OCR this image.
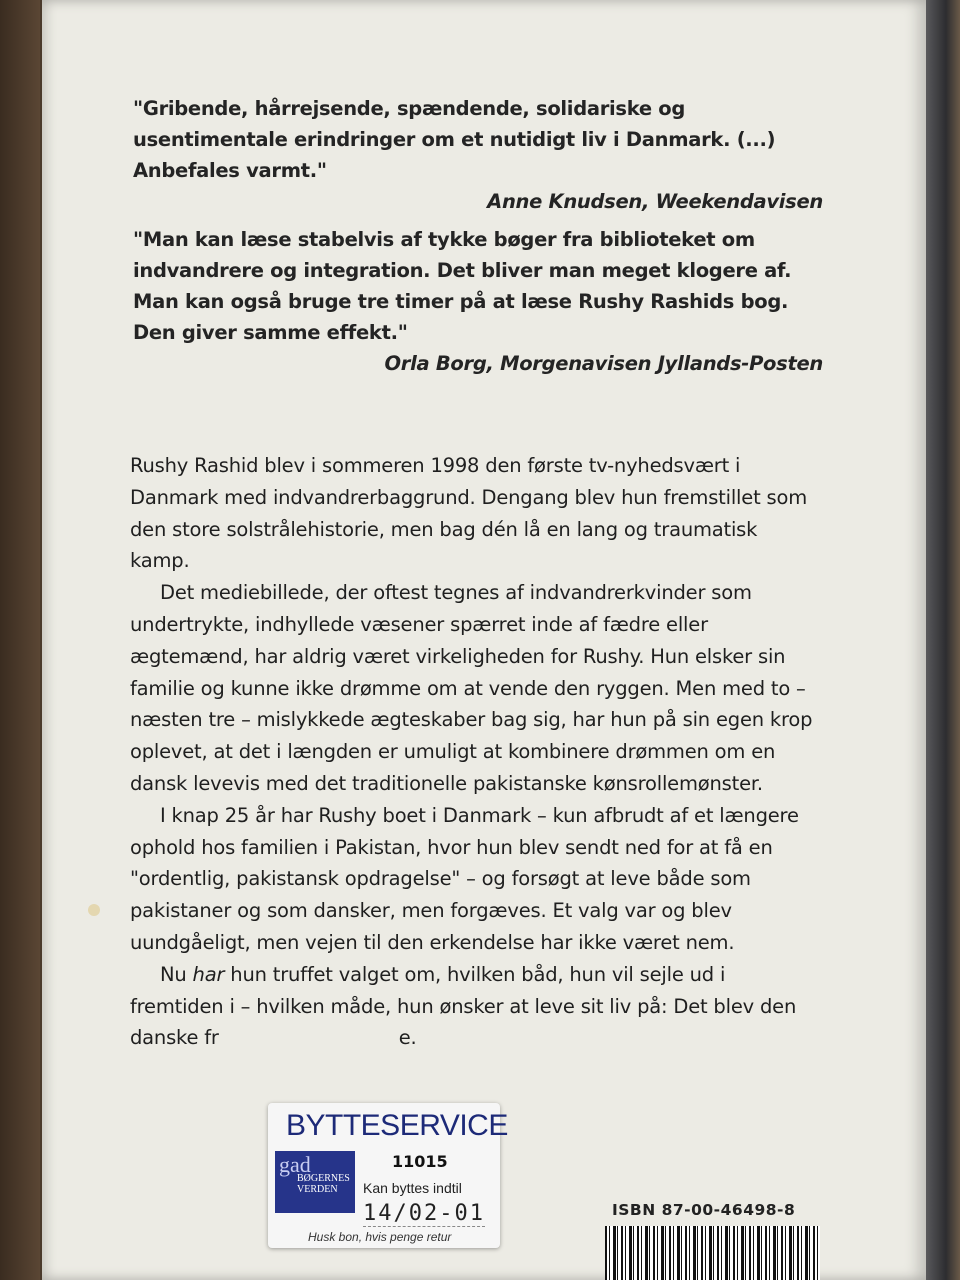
"Gribende, hårrejsende, spændende, solidariske og usentimentale erindringer om et nutidigt liv i Danmark. (...) Anbefales varmt."

Anne Knudsen, Weekendavisen

"Man kan læse stabelvis af tykke bøger fra biblioteket om indvandrere og integration. Det bliver man meget klogere af. Man kan også bruge tre timer på at læse Rushy Rashids bog. Den giver samme effekt."

Orla Borg, Morgenavisen Jyllands-Posten

Rushy Rashid blev i sommeren 1998 den første tv-nyhedsvært i Danmark med indvandrerbaggrund. Dengang blev hun fremstillet som den store solstrålehistorie, men bag dén lå en lang og traumatisk kamp.

Det mediebillede, der oftest tegnes af indvandrerkvinder som undertrykte, indhyllede væsener spærret inde af fædre eller ægtemænd, har aldrig været virkeligheden for Rushy. Hun elsker sin familie og kunne ikke drømme om at vende den ryggen. Men med to – næsten tre – mislykkede ægteskaber bag sig, har hun på sin egen krop oplevet, at det i længden er umuligt at kombinere drømmen om en dansk levevis med det traditionelle pakistanske kønsrollemønster.

I knap 25 år har Rushy boet i Danmark – kun afbrudt af et længere ophold hos familien i Pakistan, hvor hun blev sendt ned for at få en "ordentlig, pakistansk opdragelse" – og forsøgt at leve både som pakistaner og som dansker, men forgæves. Et valg var og blev uundgåeligt, men vejen til den erkendelse har ikke været nem.

Nu har hun truffet valget om, hvilken båd, hun vil sejle ud i fremtiden i – hvilken måde, hun ønsker at leve sit liv på: Det blev den danske fr	e.

BYTTESERVICE
11015
gad
BØGERNES
VERDEN	Kan byttes indtil
14/02-01
Husk bon, hvis penge retur
ISBN 87-00-46498-8
